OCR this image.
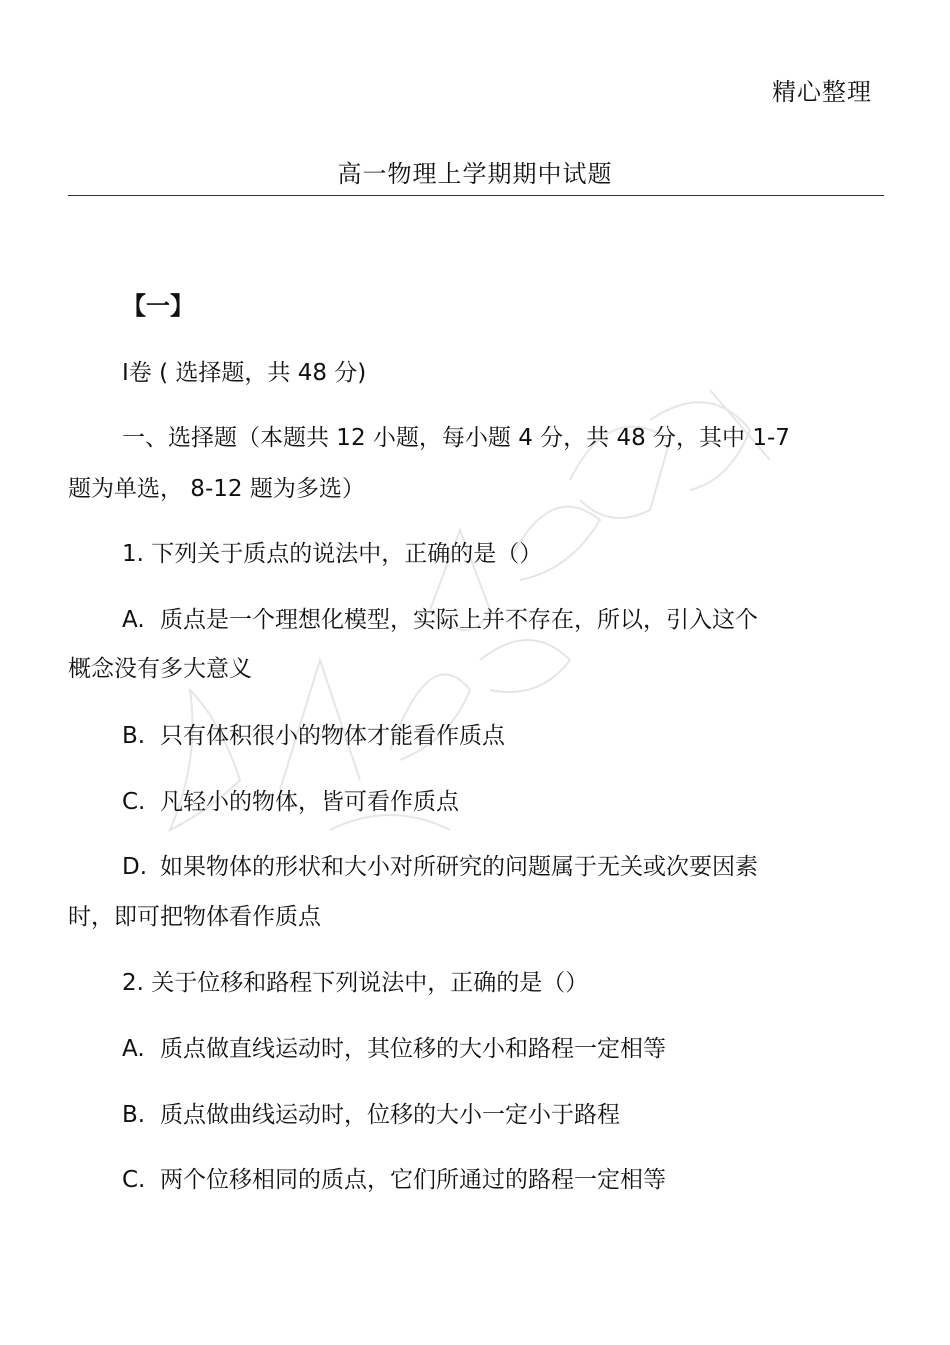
精心整理
高一物理上学期期中试题
【一】
Ⅰ卷 ( 选择题，共 48 分)
一、选择题（本题共 12 小题，每小题 4 分，共 48 分，其中 1-7
题为单选， 8-12 题为多选）
1. 下列关于质点的说法中，正确的是（）
A. 质点是一个理想化模型，实际上并不存在，所以，引入这个
概念没有多大意义
B. 只有体积很小的物体才能看作质点
C. 凡轻小的物体，皆可看作质点
D. 如果物体的形状和大小对所研究的问题属于无关或次要因素
时，即可把物体看作质点
2. 关于位移和路程下列说法中，正确的是（）
A. 质点做直线运动时，其位移的大小和路程一定相等
B. 质点做曲线运动时，位移的大小一定小于路程
C. 两个位移相同的质点，它们所通过的路程一定相等
